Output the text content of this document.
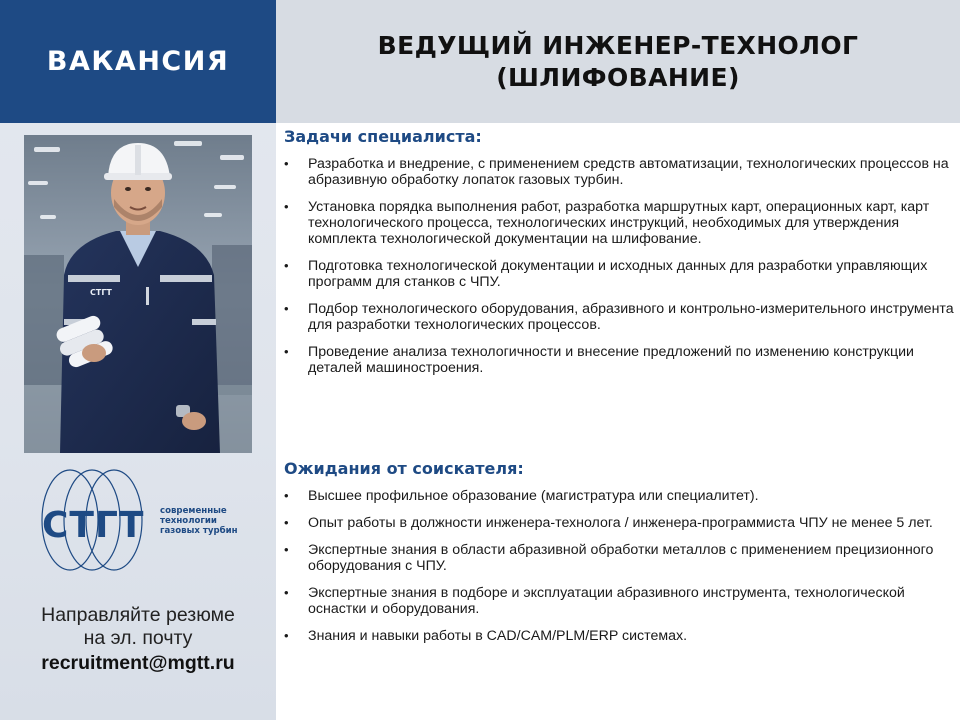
ВАКАНСИЯ
СТГТ
СТГТ современные
технологии
газовых турбин
Направляйте резюме
на эл. почту
recruitment@mgtt.ru
ВЕДУЩИЙ ИНЖЕНЕР-ТЕХНОЛОГ
(ШЛИФОВАНИЕ)
Задачи специалиста:
• Разработка и внедрение, с применением средств автоматизации, технологических процессов на абразивную обработку лопаток газовых турбин.
• Установка порядка выполнения работ, разработка маршрутных карт, операционных карт, карт технологического процесса, технологических инструкций, необходимых для утверждения комплекта технологической документации на шлифование.
• Подготовка технологической документации и исходных данных для разработки управляющих программ для станков с ЧПУ.
• Подбор технологического оборудования, абразивного и контрольно-измерительного инструмента для разработки технологических процессов.
• Проведение анализа технологичности и внесение предложений по изменению конструкции деталей машиностроения.
Ожидания от соискателя:
• Высшее профильное образование (магистратура или специалитет).
• Опыт работы в должности инженера-технолога / инженера-программиста ЧПУ не менее 5 лет.
• Экспертные знания в области абразивной обработки металлов с применением прецизионного оборудования с ЧПУ.
• Экспертные знания в подборе и эксплуатации абразивного инструмента, технологической оснастки и оборудования.
• Знания и навыки работы в CAD/CAM/PLM/ERP системах.
